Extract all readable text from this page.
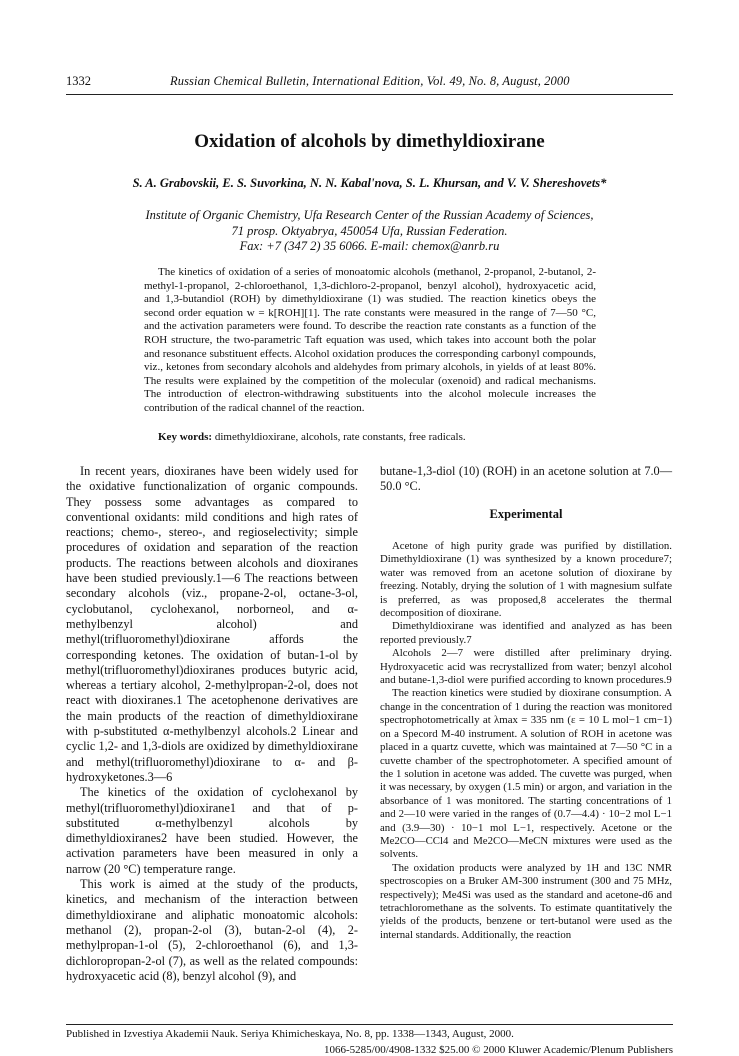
1332	Russian Chemical Bulletin, International Edition, Vol. 49, No. 8, August, 2000
Oxidation of alcohols by dimethyldioxirane
S. A. Grabovskii, E. S. Suvorkina, N. N. Kabal'nova, S. L. Khursan, and V. V. Shereshovets*
Institute of Organic Chemistry, Ufa Research Center of the Russian Academy of Sciences,
71 prosp. Oktyabrya, 450054 Ufa, Russian Federation.
Fax: +7 (347 2) 35 6066. E-mail: chemox@anrb.ru
The kinetics of oxidation of a series of monoatomic alcohols (methanol, 2-propanol, 2-butanol, 2-methyl-1-propanol, 2-chloroethanol, 1,3-dichloro-2-propanol, benzyl alcohol), hydroxyacetic acid, and 1,3-butandiol (ROH) by dimethyldioxirane (1) was studied. The reaction kinetics obeys the second order equation w = k[ROH][1]. The rate constants were measured in the range of 7—50 °C, and the activation parameters were found. To describe the reaction rate constants as a function of the ROH structure, the two-parametric Taft equation was used, which takes into account both the polar and resonance substituent effects. Alcohol oxidation produces the corresponding carbonyl compounds, viz., ketones from secondary alcohols and aldehydes from primary alcohols, in yields of at least 80%. The results were explained by the competition of the molecular (oxenoid) and radical mechanisms. The introduction of electron-withdrawing substituents into the alcohol molecule increases the contribution of the radical channel of the reaction.
Key words: dimethyldioxirane, alcohols, rate constants, free radicals.

In recent years, dioxiranes have been widely used for the oxidative functionalization of organic compounds. They possess some advantages as compared to conventional oxidants: mild conditions and high rates of reactions; chemo-, stereo-, and regioselectivity; simple procedures of oxidation and separation of the reaction products. The reactions between alcohols and dioxiranes have been studied previously.1—6 The reactions between secondary alcohols (viz., propane-2-ol, octane-3-ol, cyclobutanol, cyclohexanol, norborneol, and α-methylbenzyl alcohol) and methyl(trifluoromethyl)dioxirane affords the corresponding ketones. The oxidation of butan-1-ol by methyl(trifluoromethyl)dioxiranes produces butyric acid, whereas a tertiary alcohol, 2-methylpropan-2-ol, does not react with dioxiranes.1 The acetophenone derivatives are the main products of the reaction of dimethyldioxirane with p-substituted α-methylbenzyl alcohols.2 Linear and cyclic 1,2- and 1,3-diols are oxidized by dimethyldioxirane and methyl(trifluoromethyl)dioxirane to α- and β-hydroxyketones.3—6

The kinetics of the oxidation of cyclohexanol by methyl(trifluoromethyl)dioxirane1 and that of p-substituted α-methylbenzyl alcohols by dimethyldioxiranes2 have been studied. However, the activation parameters have been measured in only a narrow (20 °C) temperature range.

This work is aimed at the study of the products, kinetics, and mechanism of the interaction between dimethyldioxirane and aliphatic monoatomic alcohols: methanol (2), propan-2-ol (3), butan-2-ol (4), 2-methylpropan-1-ol (5), 2-chloroethanol (6), and 1,3-dichloropropan-2-ol (7), as well as the related compounds: hydroxyacetic acid (8), benzyl alcohol (9), and

butane-1,3-diol (10) (ROH) in an acetone solution at 7.0—50.0 °C.
Experimental

Acetone of high purity grade was purified by distillation. Dimethyldioxirane (1) was synthesized by a known procedure7; water was removed from an acetone solution of dioxirane by freezing. Notably, drying the solution of 1 with magnesium sulfate is preferred, as was proposed,8 accelerates the thermal decomposition of dioxirane.

Dimethyldioxirane was identified and analyzed as has been reported previously.7

Alcohols 2—7 were distilled after preliminary drying. Hydroxyacetic acid was recrystallized from water; benzyl alcohol and butane-1,3-diol were purified according to known procedures.9

The reaction kinetics were studied by dioxirane consumption. A change in the concentration of 1 during the reaction was monitored spectrophotometrically at λmax = 335 nm (ε = 10 L mol−1 cm−1) on a Specord M-40 instrument. A solution of ROH in acetone was placed in a quartz cuvette, which was maintained at 7—50 °C in a cuvette chamber of the spectrophotometer. A specified amount of the 1 solution in acetone was added. The cuvette was purged, when it was necessary, by oxygen (1.5 min) or argon, and variation in the absorbance of 1 was monitored. The starting concentrations of 1 and 2—10 were varied in the ranges of (0.7—4.4) · 10−2 mol L−1 and (3.9—30) · 10−1 mol L−1, respectively. Acetone or the Me2CO—CCl4 and Me2CO—MeCN mixtures were used as the solvents.

The oxidation products were analyzed by 1H and 13C NMR spectroscopies on a Bruker AM-300 instrument (300 and 75 MHz, respectively); Me4Si was used as the standard and acetone-d6 and tetrachloromethane as the solvents. To estimate quantitatively the yields of the products, benzene or tert-butanol were used as the internal standards. Additionally, the reaction

Published in Izvestiya Akademii Nauk. Seriya Khimicheskaya, No. 8, pp. 1338—1343, August, 2000.
1066-5285/00/4908-1332 $25.00 © 2000 Kluwer Academic/Plenum Publishers
